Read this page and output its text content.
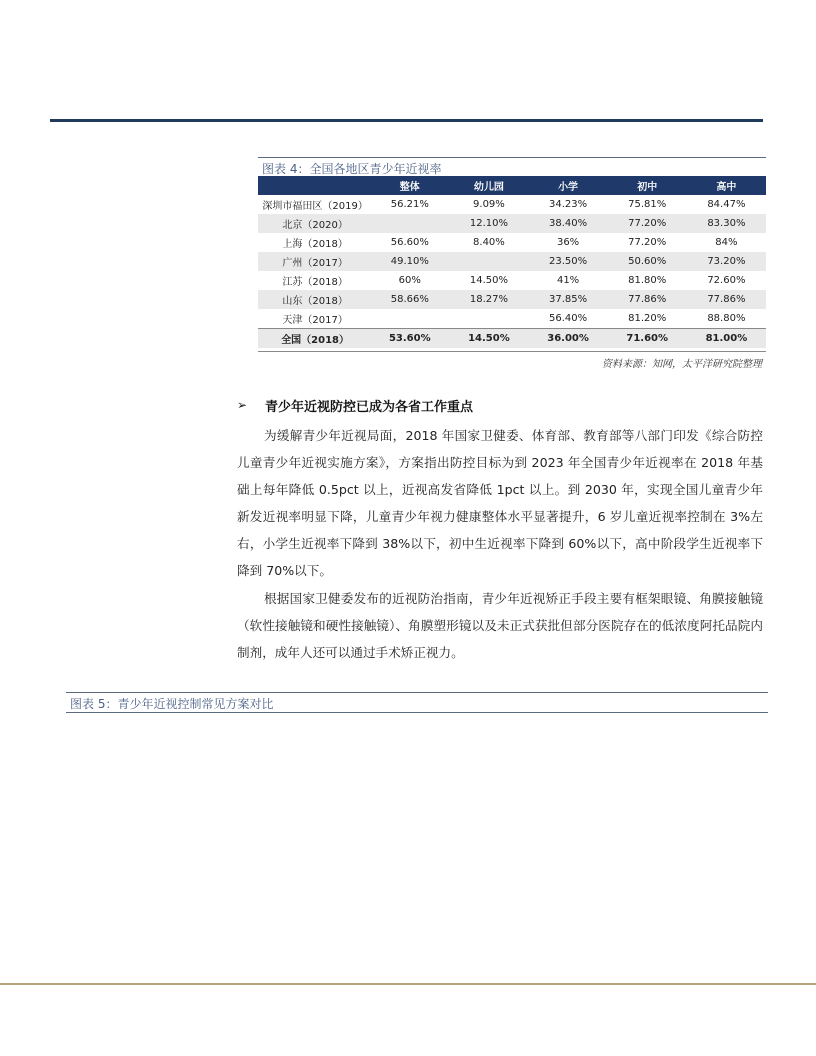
图表 4：全国各地区青少年近视率
	整体	幼儿园	小学	初中	高中
深圳市福田区（2019）	56.21%	9.09%	34.23%	75.81%	84.47%
北京（2020）		12.10%	38.40%	77.20%	83.30%
上海（2018）	56.60%	8.40%	36%	77.20%	84%
广州（2017）	49.10%		23.50%	50.60%	73.20%
江苏（2018）	60%	14.50%	41%	81.80%	72.60%
山东（2018）	58.66%	18.27%	37.85%	77.86%	77.86%
天津（2017）			56.40%	81.20%	88.80%
全国（2018）	53.60%	14.50%	36.00%	71.60%	81.00%
资料来源：知网，太平洋研究院整理
➢	青少年近视防控已成为各省工作重点

为缓解青少年近视局面，2018 年国家卫健委、体育部、教育部等八部门印发《综合防控儿童青少年近视实施方案》，方案指出防控目标为到 2023 年全国青少年近视率在 2018 年基础上每年降低 0.5pct 以上，近视高发省降低 1pct 以上。到 2030 年，实现全国儿童青少年新发近视率明显下降，儿童青少年视力健康整体水平显著提升，6 岁儿童近视率控制在 3%左右，小学生近视率下降到 38%以下，初中生近视率下降到 60%以下，高中阶段学生近视率下降到 70%以下。

根据国家卫健委发布的近视防治指南，青少年近视矫正手段主要有框架眼镜、角膜接触镜（软性接触镜和硬性接触镜）、角膜塑形镜以及未正式获批但部分医院存在的低浓度阿托品院内制剂，成年人还可以通过手术矫正视力。

图表 5：青少年近视控制常见方案对比
